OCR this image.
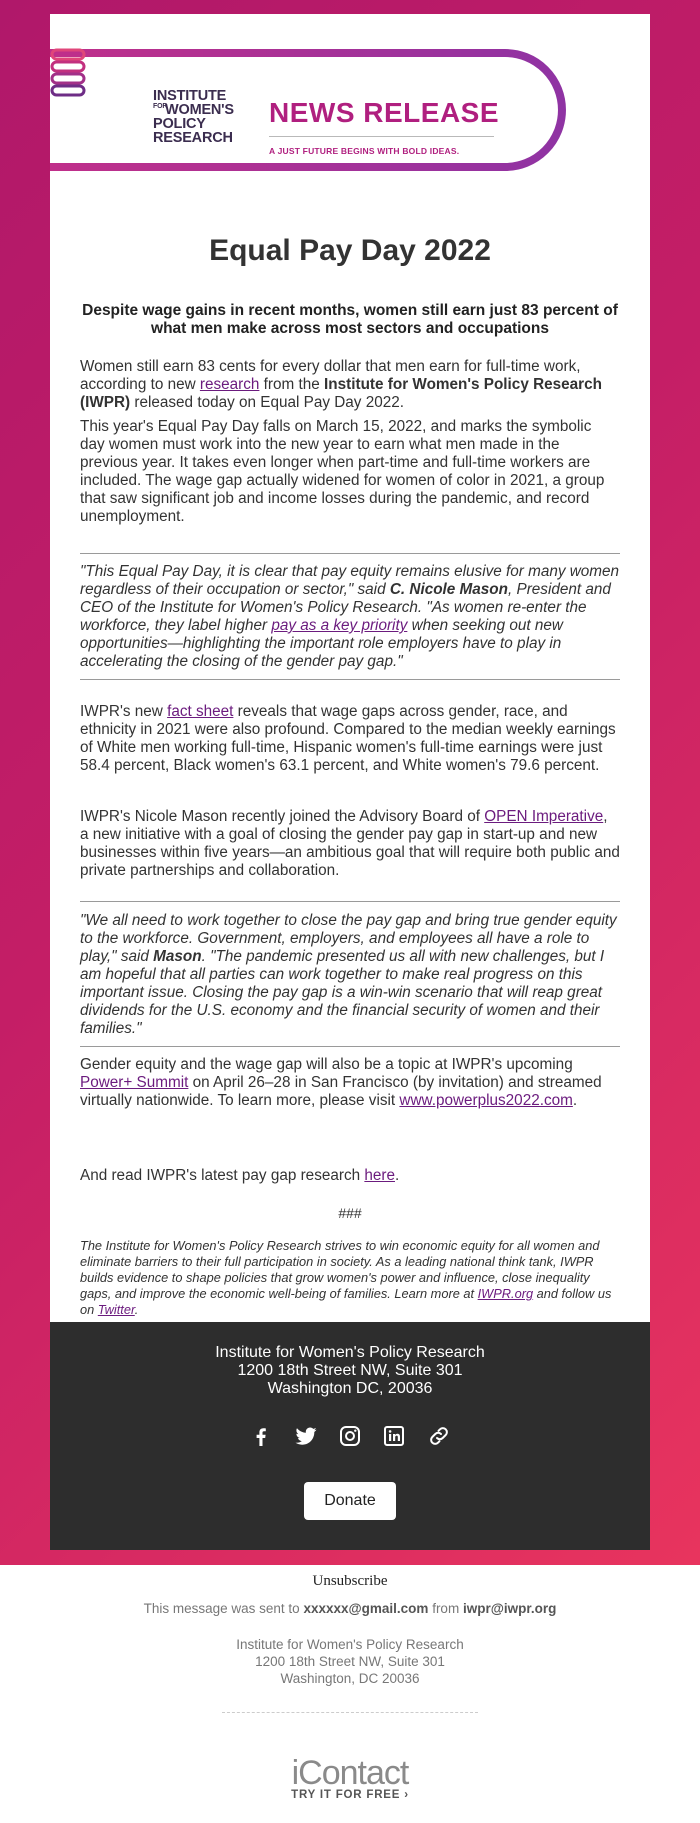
INSTITUTE
FORWOMEN'S
POLICY
RESEARCH
NEWS RELEASE
A JUST FUTURE BEGINS WITH BOLD IDEAS.
Equal Pay Day 2022

Despite wage gains in recent months, women still earn just 83 percent of what men make across most sectors and occupations

Women still earn 83 cents for every dollar that men earn for full-time work, according to new research from the Institute for Women's Policy Research (IWPR) released today on Equal Pay Day 2022.

This year's Equal Pay Day falls on March 15, 2022, and marks the symbolic day women must work into the new year to earn what men made in the previous year. It takes even longer when part-time and full-time workers are included. The wage gap actually widened for women of color in 2021, a group that saw significant job and income losses during the pandemic, and record unemployment.

"This Equal Pay Day, it is clear that pay equity remains elusive for many women regardless of their occupation or sector," said C. Nicole Mason, President and CEO of the Institute for Women's Policy Research. "As women re-enter the workforce, they label higher pay as a key priority when seeking out new opportunities—highlighting the important role employers have to play in accelerating the closing of the gender pay gap."

IWPR's new fact sheet reveals that wage gaps across gender, race, and ethnicity in 2021 were also profound. Compared to the median weekly earnings of White men working full-time, Hispanic women's full-time earnings were just 58.4 percent, Black women's 63.1 percent, and White women's 79.6 percent.

IWPR's Nicole Mason recently joined the Advisory Board of OPEN Imperative, a new initiative with a goal of closing the gender pay gap in start-up and new businesses within five years—an ambitious goal that will require both public and private partnerships and collaboration.

"We all need to work together to close the pay gap and bring true gender equity to the workforce. Government, employers, and employees all have a role to play," said Mason. "The pandemic presented us all with new challenges, but I am hopeful that all parties can work together to make real progress on this important issue. Closing the pay gap is a win-win scenario that will reap great dividends for the U.S. economy and the financial security of women and their families."

Gender equity and the wage gap will also be a topic at IWPR's upcoming Power+ Summit on April 26–28 in San Francisco (by invitation) and streamed virtually nationwide. To learn more, please visit www.powerplus2022.com.

And read IWPR's latest pay gap research here.

###

The Institute for Women's Policy Research strives to win economic equity for all women and eliminate barriers to their full participation in society. As a leading national think tank, IWPR builds evidence to shape policies that grow women's power and influence, close inequality gaps, and improve the economic well-being of families. Learn more at IWPR.org and follow us on Twitter.

Institute for Women's Policy Research
1200 18th Street NW, Suite 301
Washington DC, 20036

Donate
Unsubscribe
This message was sent to xxxxxx@gmail.com from iwpr@iwpr.org
Institute for Women's Policy Research
1200 18th Street NW, Suite 301
Washington, DC 20036
iContact
TRY IT FOR FREE ›
